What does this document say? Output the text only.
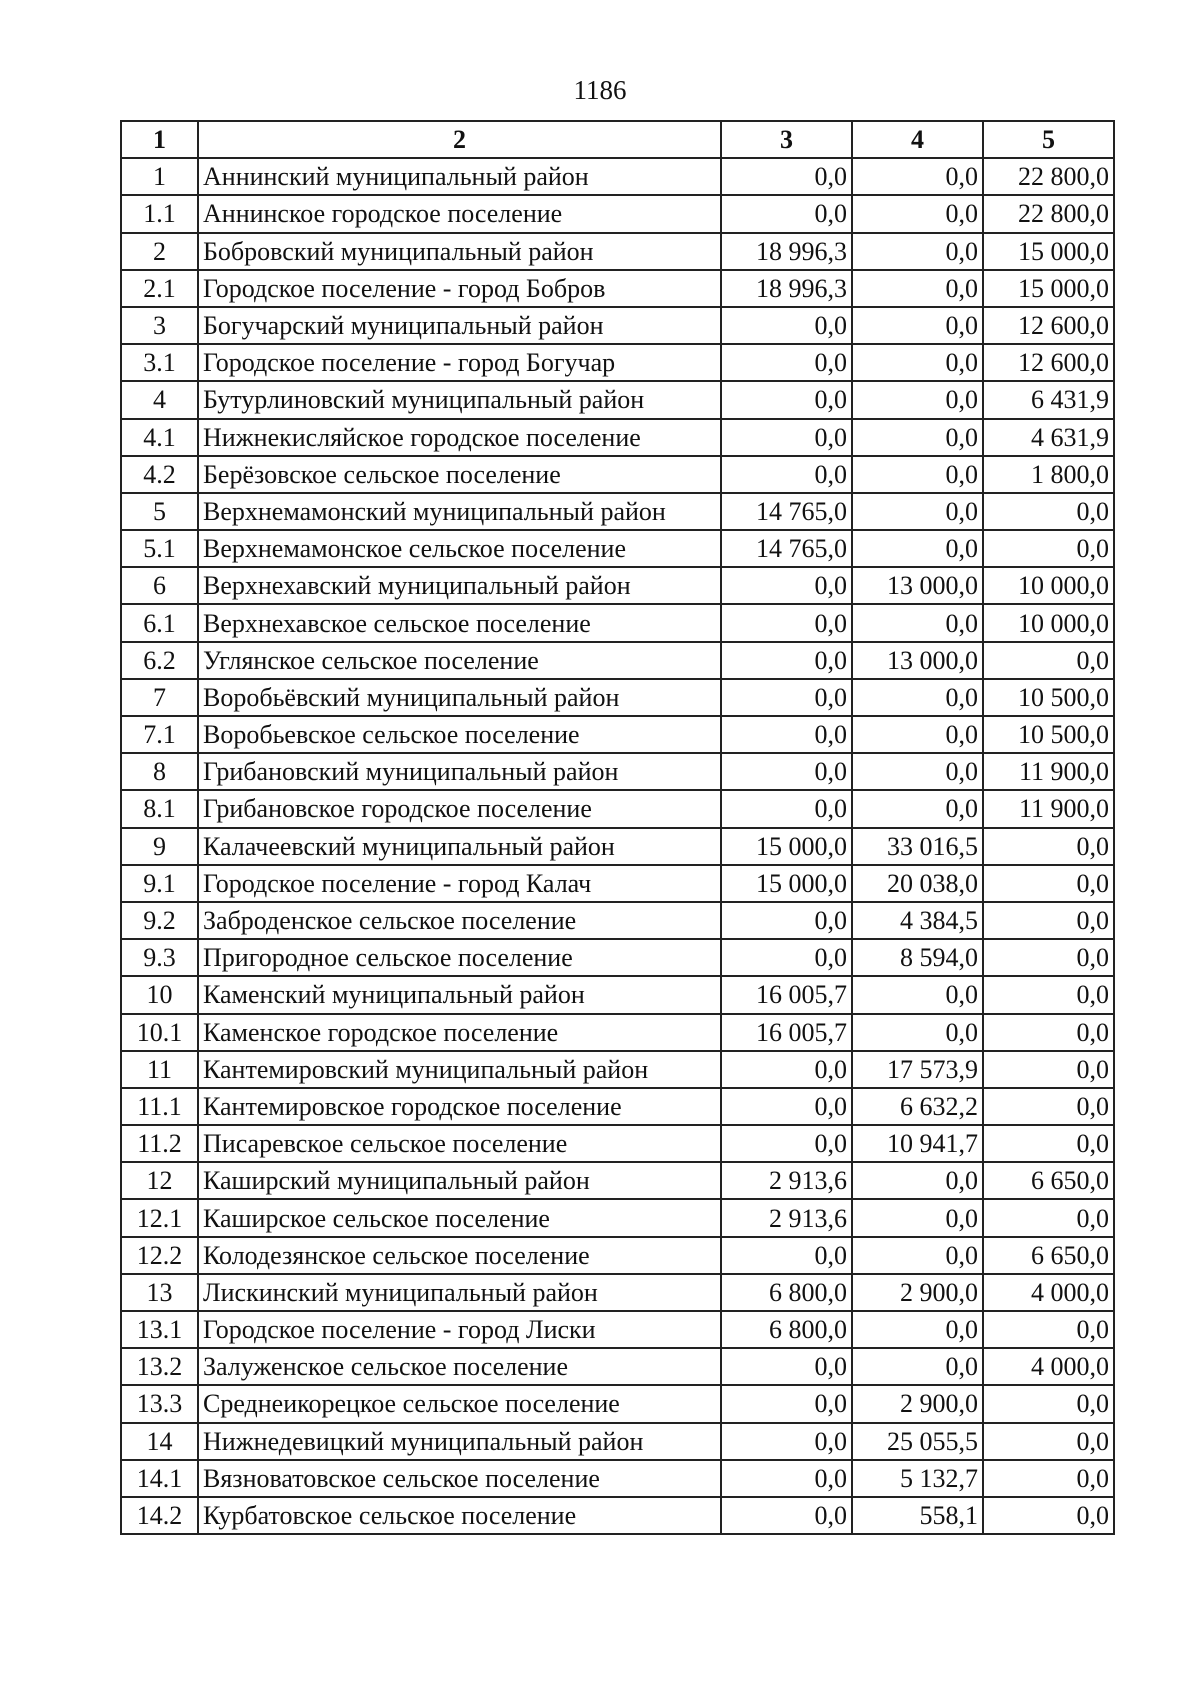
1186
1	2	3	4	5
1	Аннинский муниципальный район	0,0	0,0	22 800,0
1.1	Аннинское городское поселение	0,0	0,0	22 800,0
2	Бобровский муниципальный район	18 996,3	0,0	15 000,0
2.1	Городское поселение - город Бобров	18 996,3	0,0	15 000,0
3	Богучарский муниципальный район	0,0	0,0	12 600,0
3.1	Городское поселение - город Богучар	0,0	0,0	12 600,0
4	Бутурлиновский муниципальный район	0,0	0,0	6 431,9
4.1	Нижнекисляйское городское поселение	0,0	0,0	4 631,9
4.2	Берёзовское сельское поселение	0,0	0,0	1 800,0
5	Верхнемамонский муниципальный район	14 765,0	0,0	0,0
5.1	Верхнемамонское сельское поселение	14 765,0	0,0	0,0
6	Верхнехавский муниципальный район	0,0	13 000,0	10 000,0
6.1	Верхнехавское сельское поселение	0,0	0,0	10 000,0
6.2	Углянское сельское поселение	0,0	13 000,0	0,0
7	Воробьёвский муниципальный район	0,0	0,0	10 500,0
7.1	Воробьевское сельское поселение	0,0	0,0	10 500,0
8	Грибановский муниципальный район	0,0	0,0	11 900,0
8.1	Грибановское городское поселение	0,0	0,0	11 900,0
9	Калачеевский муниципальный район	15 000,0	33 016,5	0,0
9.1	Городское поселение - город Калач	15 000,0	20 038,0	0,0
9.2	Заброденское сельское поселение	0,0	4 384,5	0,0
9.3	Пригородное сельское поселение	0,0	8 594,0	0,0
10	Каменский муниципальный район	16 005,7	0,0	0,0
10.1	Каменское городское поселение	16 005,7	0,0	0,0
11	Кантемировский муниципальный район	0,0	17 573,9	0,0
11.1	Кантемировское городское поселение	0,0	6 632,2	0,0
11.2	Писаревское сельское поселение	0,0	10 941,7	0,0
12	Каширский муниципальный район	2 913,6	0,0	6 650,0
12.1	Каширское сельское поселение	2 913,6	0,0	0,0
12.2	Колодезянское сельское поселение	0,0	0,0	6 650,0
13	Лискинский муниципальный район	6 800,0	2 900,0	4 000,0
13.1	Городское поселение - город Лиски	6 800,0	0,0	0,0
13.2	Залуженское сельское поселение	0,0	0,0	4 000,0
13.3	Среднеикорецкое сельское поселение	0,0	2 900,0	0,0
14	Нижнедевицкий муниципальный район	0,0	25 055,5	0,0
14.1	Вязноватовское сельское поселение	0,0	5 132,7	0,0
14.2	Курбатовское сельское поселение	0,0	558,1	0,0
